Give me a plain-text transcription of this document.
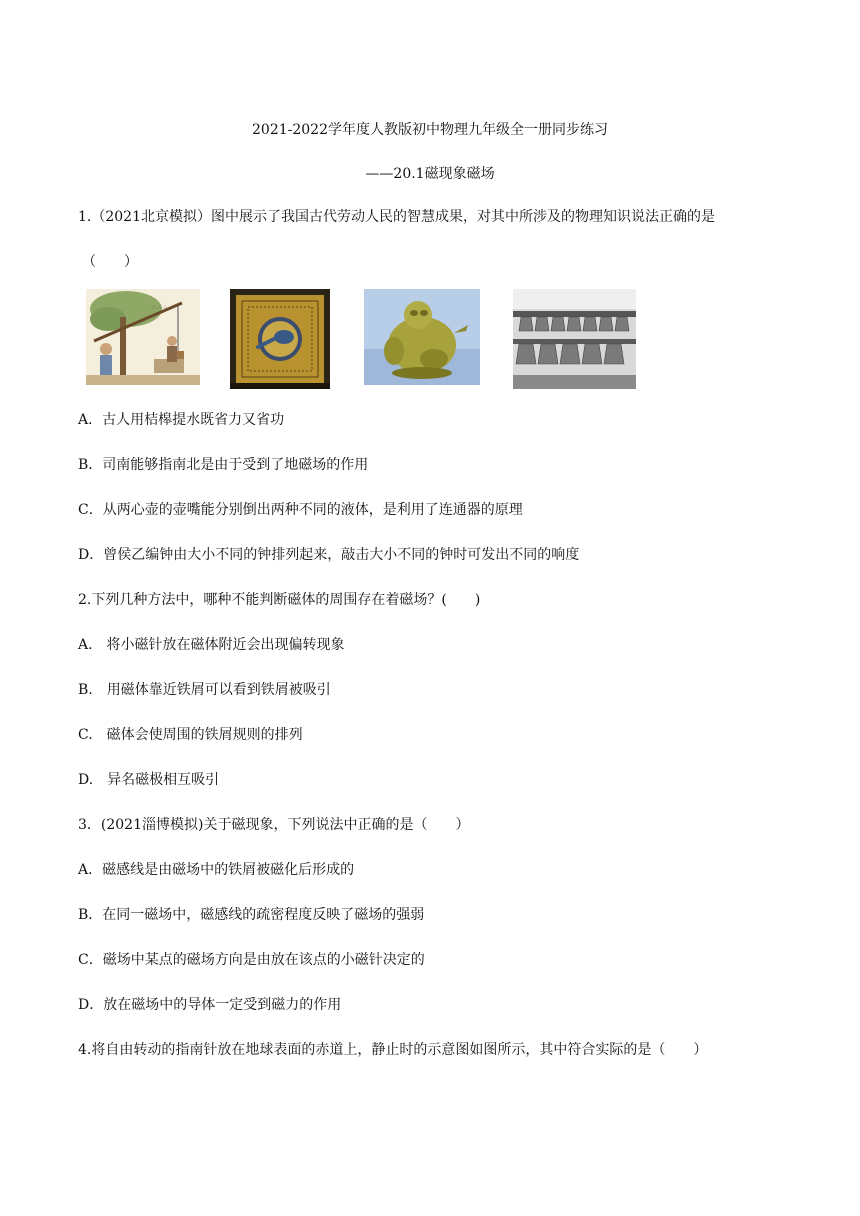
2021-2022学年度人教版初中物理九年级全一册同步练习
——20.1磁现象磁场
1.（2021北京模拟）图中展示了我国古代劳动人民的智慧成果，对其中所涉及的物理知识说法正确的是
（　　）
∴ ∴ ∴
A．古人用桔槔提水既省力又省功
B．司南能够指南北是由于受到了地磁场的作用
C．从两心壶的壶嘴能分别倒出两种不同的液体，是利用了连通器的原理
D．曾侯乙编钟由大小不同的钟排列起来，敲击大小不同的钟时可发出不同的响度
2.下列几种方法中，哪种不能判断磁体的周围存在着磁场？(　　)
A.　将小磁针放在磁体附近会出现偏转现象
B.　用磁体靠近铁屑可以看到铁屑被吸引
C.　磁体会使周围的铁屑规则的排列
D.　异名磁极相互吸引
3．(2021淄博模拟)关于磁现象，下列说法中正确的是（　　）
A．磁感线是由磁场中的铁屑被磁化后形成的
B．在同一磁场中，磁感线的疏密程度反映了磁场的强弱
C．磁场中某点的磁场方向是由放在该点的小磁针决定的
D．放在磁场中的导体一定受到磁力的作用
4.将自由转动的指南针放在地球表面的赤道上，静止时的示意图如图所示，其中符合实际的是（　　）
